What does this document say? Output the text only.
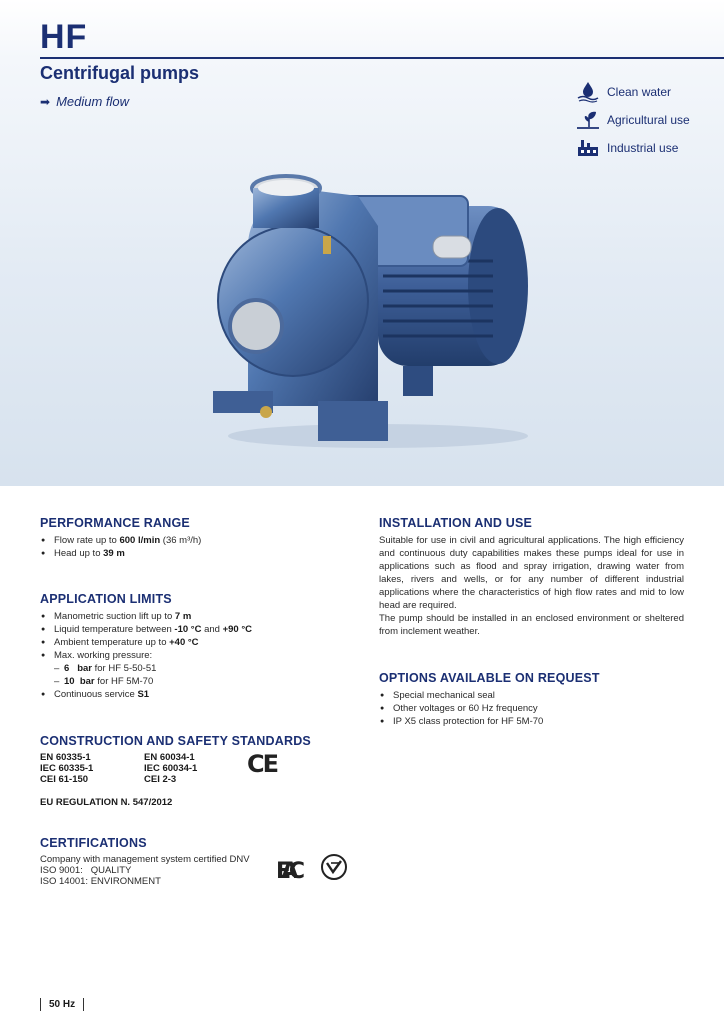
HF
Centrifugal pumps
➡ Medium flow
Clean water
Agricultural use
Industrial use
PERFORMANCE RANGE
● Flow rate up to 600 l/min (36 m³/h)
● Head up to 39 m
APPLICATION LIMITS
● Manometric suction lift up to 7 m
● Liquid temperature between -10 °C and +90 °C
● Ambient temperature up to +40 °C
● Max. working pressure:
– 6   bar for HF 5-50-51
– 10  bar for HF 5M-70
● Continuous service S1
CONSTRUCTION AND SAFETY STANDARDS
EN 60335-1	EN 60034-1
IEC 60335-1	IEC 60034-1
CEI 61-150	CEI 2-3
EU REGULATION N. 547/2012
CE
CERTIFICATIONS
Company with management system certified DNV
ISO 9001:   QUALITY
ISO 14001: ENVIRONMENT	EAC
INSTALLATION AND USE

Suitable for use in civil and agricultural applications. The high efficiency and continuous duty capabilities makes these pumps ideal for use in applications such as flood and spray irrigation, drawing water from lakes, rivers and wells, or for any number of different industrial applications where the characteristics of high flow rates and mid to low head are required.

The pump should be installed in an enclosed environment or sheltered from inclement weather.

OPTIONS AVAILABLE ON REQUEST
● Special mechanical seal
● Other voltages or 60 Hz frequency
● IP X5 class protection for HF 5M-70
50 Hz
